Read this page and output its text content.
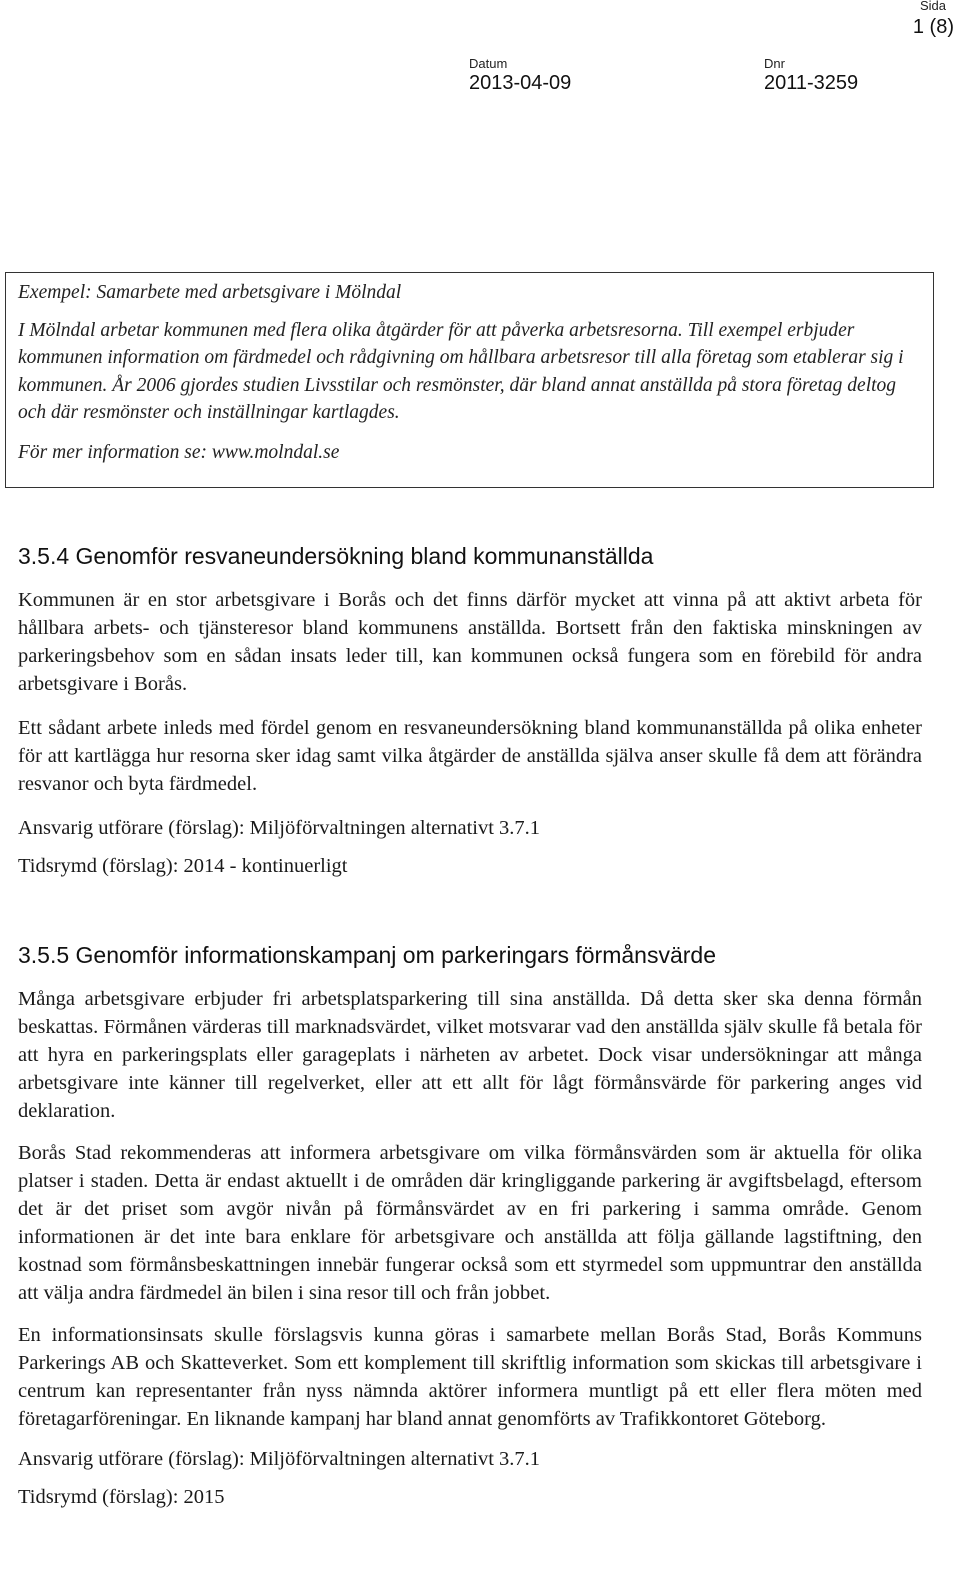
Sida
1 (8)
Datum
2013-04-09
Dnr
2011-3259

Exempel: Samarbete med arbetsgivare i Mölndal

I Mölndal arbetar kommunen med flera olika åtgärder för att påverka arbetsresorna. Till exempel erbjuder kommunen information om färdmedel och rådgivning om hållbara arbetsresor till alla företag som etablerar sig i kommunen. År 2006 gjordes studien Livsstilar och resmönster, där bland annat anställda på stora företag deltog och där resmönster och inställningar kartlagdes.

För mer information se: www.molndal.se

3.5.4 Genomför resvaneundersökning bland kommunanställda

Kommunen är en stor arbetsgivare i Borås och det finns därför mycket att vinna på att aktivt arbeta för hållbara arbets- och tjänsteresor bland kommunens anställda. Bortsett från den faktiska minskningen av parkeringsbehov som en sådan insats leder till, kan kommunen också fungera som en förebild för andra arbetsgivare i Borås.

Ett sådant arbete inleds med fördel genom en resvaneundersökning bland kommunanställda på olika enheter för att kartlägga hur resorna sker idag samt vilka åtgärder de anställda själva anser skulle få dem att förändra resvanor och byta färdmedel.

Ansvarig utförare (förslag): Miljöförvaltningen alternativt 3.7.1

Tidsrymd (förslag): 2014 - kontinuerligt

3.5.5 Genomför informationskampanj om parkeringars förmånsvärde

Många arbetsgivare erbjuder fri arbetsplatsparkering till sina anställda. Då detta sker ska denna förmån beskattas. Förmånen värderas till marknadsvärdet, vilket motsvarar vad den anställda själv skulle få betala för att hyra en parkeringsplats eller garageplats i närheten av arbetet. Dock visar undersökningar att många arbetsgivare inte känner till regelverket, eller att ett allt för lågt förmånsvärde för parkering anges vid deklaration.

Borås Stad rekommenderas att informera arbetsgivare om vilka förmånsvärden som är aktuella för olika platser i staden. Detta är endast aktuellt i de områden där kringliggande parkering är avgiftsbelagd, eftersom det är det priset som avgör nivån på förmånsvärdet av en fri parkering i samma område. Genom informationen är det inte bara enklare för arbetsgivare och anställda att följa gällande lagstiftning, den kostnad som förmånsbeskattningen innebär fungerar också som ett styrmedel som uppmuntrar den anställda att välja andra färdmedel än bilen i sina resor till och från jobbet.

En informationsinsats skulle förslagsvis kunna göras i samarbete mellan Borås Stad, Borås Kommuns Parkerings AB och Skatteverket. Som ett komplement till skriftlig information som skickas till arbetsgivare i centrum kan representanter från nyss nämnda aktörer informera muntligt på ett eller flera möten med företagarföreningar. En liknande kampanj har bland annat genomförts av Trafikkontoret Göteborg.

Ansvarig utförare (förslag): Miljöförvaltningen alternativt 3.7.1

Tidsrymd (förslag): 2015
